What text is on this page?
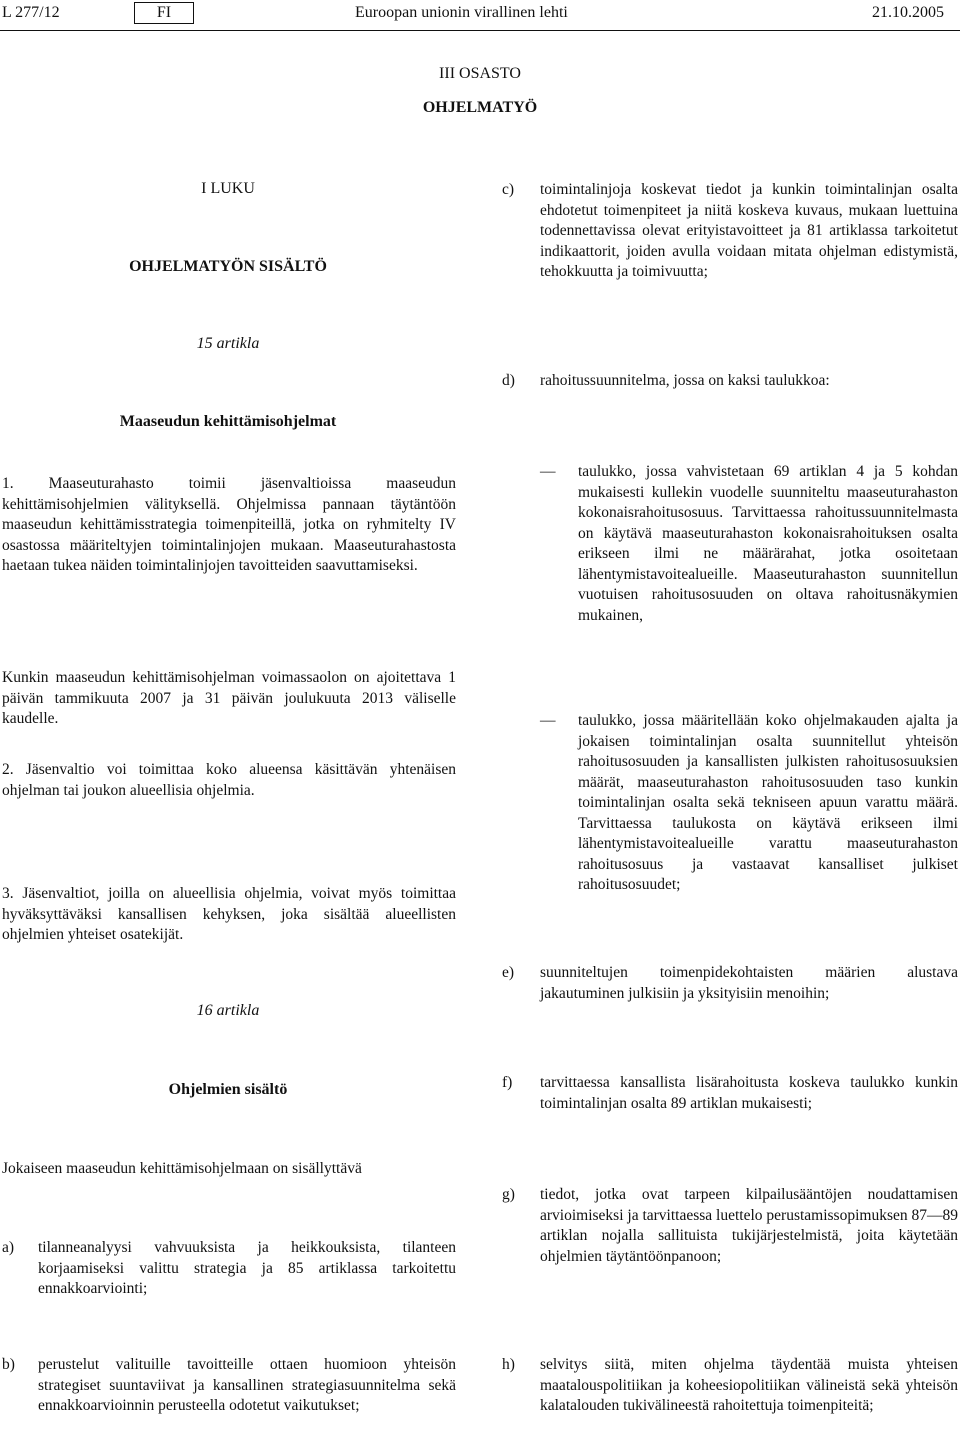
L 277/12	FI	Euroopan unionin virallinen lehti	21.10.2005
III OSASTO
OHJELMATYÖ
I LUKU
OHJELMATYÖN SISÄLTÖ
15 artikla
Maaseudun kehittämisohjelmat
1. Maaseuturahasto toimii jäsenvaltioissa maaseudun kehittämisohjelmien välityksellä. Ohjelmissa pannaan täytäntöön maaseudun kehittämisstrategia toimenpiteillä, jotka on ryhmitelty IV osastossa määriteltyjen toimintalinjojen mukaan. Maaseuturahastosta haetaan tukea näiden toimintalinjojen tavoitteiden saavuttamiseksi.
Kunkin maaseudun kehittämisohjelman voimassaolon on ajoitettava 1 päivän tammikuuta 2007 ja 31 päivän joulukuuta 2013 väliselle kaudelle.
2. Jäsenvaltio voi toimittaa koko alueensa käsittävän yhtenäisen ohjelman tai joukon alueellisia ohjelmia.
3. Jäsenvaltiot, joilla on alueellisia ohjelmia, voivat myös toimittaa hyväksyttäväksi kansallisen kehyksen, joka sisältää alueellisten ohjelmien yhteiset osatekijät.
16 artikla
Ohjelmien sisältö
Jokaiseen maaseudun kehittämisohjelmaan on sisällyttävä
a) tilanneanalyysi vahvuuksista ja heikkouksista, tilanteen korjaamiseksi valittu strategia ja 85 artiklassa tarkoitettu ennakkoarviointi;
b) perustelut valituille tavoitteille ottaen huomioon yhteisön strategiset suuntaviivat ja kansallinen strategiasuunnitelma sekä ennakkoarvioinnin perusteella odotetut vaikutukset;
c) toimintalinjoja koskevat tiedot ja kunkin toimintalinjan osalta ehdotetut toimenpiteet ja niitä koskeva kuvaus, mukaan luettuina todennettavissa olevat erityistavoitteet ja 81 artiklassa tarkoitetut indikaattorit, joiden avulla voidaan mitata ohjelman edistymistä, tehokkuutta ja toimivuutta;
d) rahoitussuunnitelma, jossa on kaksi taulukkoa:
— taulukko, jossa vahvistetaan 69 artiklan 4 ja 5 kohdan mukaisesti kullekin vuodelle suunniteltu maaseuturahaston kokonaisrahoitusosuus. Tarvittaessa rahoitussuunnitelmasta on käytävä maaseuturahaston kokonaisrahoituksen osalta erikseen ilmi ne määrärahat, jotka osoitetaan lähentymistavoitealueille. Maaseuturahaston suunnitellun vuotuisen rahoitusosuuden on oltava rahoitusnäkymien mukainen,
— taulukko, jossa määritellään koko ohjelmakauden ajalta ja jokaisen toimintalinjan osalta suunnitellut yhteisön rahoitusosuuden ja kansallisten julkisten rahoitusosuuksien määrät, maaseuturahaston rahoitusosuuden taso kunkin toimintalinjan osalta sekä tekniseen apuun varattu määrä. Tarvittaessa taulukosta on käytävä erikseen ilmi lähentymistavoitealueille varattu maaseuturahaston rahoitusosuus ja vastaavat kansalliset julkiset rahoitusosuudet;
e) suunniteltujen toimenpidekohtaisten määrien alustava jakautuminen julkisiin ja yksityisiin menoihin;
f) tarvittaessa kansallista lisärahoitusta koskeva taulukko kunkin toimintalinjan osalta 89 artiklan mukaisesti;
g) tiedot, jotka ovat tarpeen kilpailusääntöjen noudattamisen arvioimiseksi ja tarvittaessa luettelo perustamissopimuksen 87—89 artiklan nojalla sallituista tukijärjestelmistä, joita käytetään ohjelmien täytäntöönpanoon;
h) selvitys siitä, miten ohjelma täydentää muista yhteisen maatalouspolitiikan ja koheesiopolitiikan välineistä sekä yhteisön kalatalouden tukivälineestä rahoitettuja toimenpiteitä;
